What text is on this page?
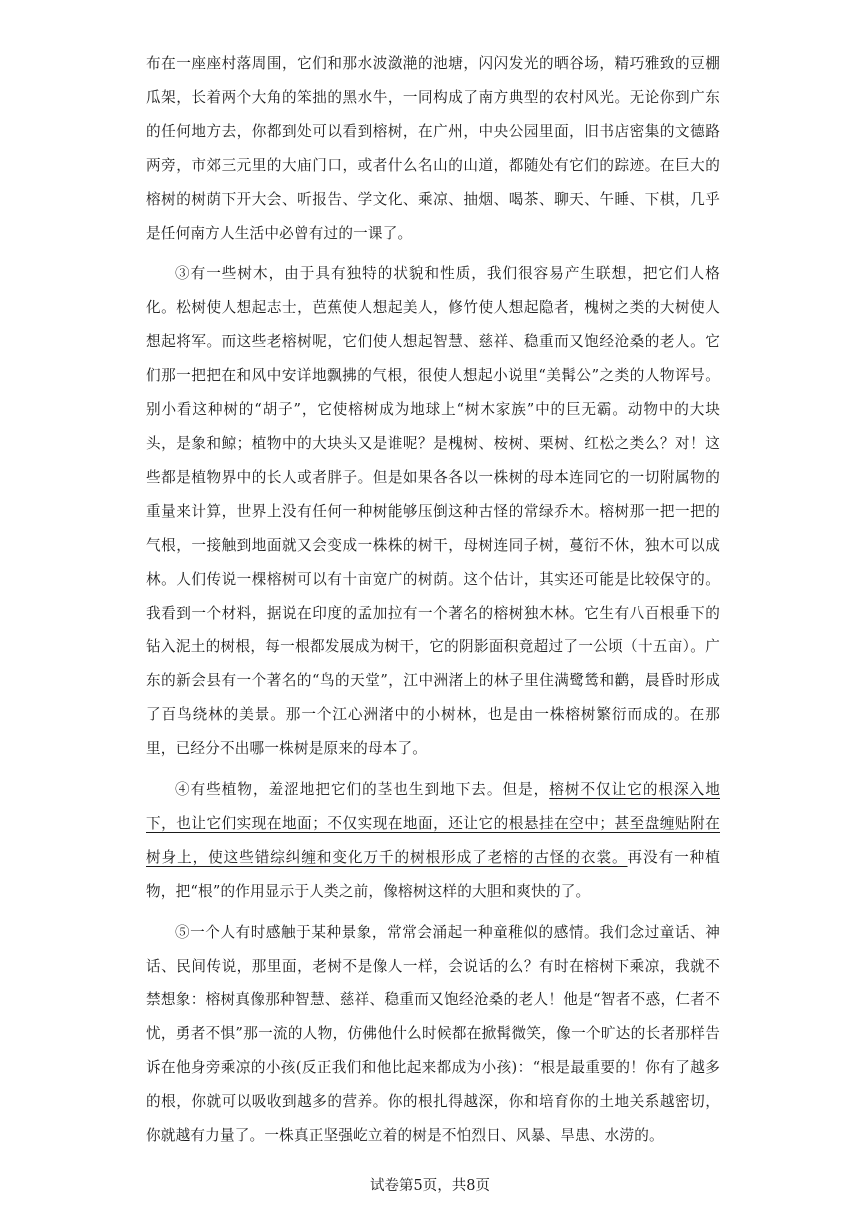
布在一座座村落周围，它们和那水波潋滟的池塘，闪闪发光的晒谷场，精巧雅致的豆棚瓜架，长着两个大角的笨拙的黑水牛，一同构成了南方典型的农村风光。无论你到广东的任何地方去，你都到处可以看到榕树，在广州，中央公园里面，旧书店密集的文德路两旁，市郊三元里的大庙门口，或者什么名山的山道，都随处有它们的踪迹。在巨大的榕树的树荫下开大会、听报告、学文化、乘凉、抽烟、喝茶、聊天、午睡、下棋，几乎是任何南方人生活中必曾有过的一课了。

③有一些树木，由于具有独特的状貌和性质，我们很容易产生联想，把它们人格化。松树使人想起志士，芭蕉使人想起美人，修竹使人想起隐者，槐树之类的大树使人想起将军。而这些老榕树呢，它们使人想起智慧、慈祥、稳重而又饱经沧桑的老人。它们那一把把在和风中安详地飘拂的气根，很使人想起小说里“美髯公”之类的人物诨号。别小看这种树的“胡子”，它使榕树成为地球上“树木家族”中的巨无霸。动物中的大块头，是象和鲸；植物中的大块头又是谁呢？是槐树、桉树、栗树、红松之类么？对！这些都是植物界中的长人或者胖子。但是如果各各以一株树的母本连同它的一切附属物的重量来计算，世界上没有任何一种树能够压倒这种古怪的常绿乔木。榕树那一把一把的气根，一接触到地面就又会变成一株株的树干，母树连同子树，蔓衍不休，独木可以成林。人们传说一棵榕树可以有十亩宽广的树荫。这个估计，其实还可能是比较保守的。我看到一个材料，据说在印度的孟加拉有一个著名的榕树独木林。它生有八百根垂下的钻入泥土的树根，每一根都发展成为树干，它的阴影面积竟超过了一公顷（十五亩）。广东的新会县有一个著名的“鸟的天堂”，江中洲渚上的林子里住满鹭鸶和鹳，晨昏时形成了百鸟绕林的美景。那一个江心洲渚中的小树林，也是由一株榕树繁衍而成的。在那里，已经分不出哪一株树是原来的母本了。

④有些植物，羞涩地把它们的茎也生到地下去。但是，榕树不仅让它的根深入地下，也让它们实现在地面；不仅实现在地面，还让它的根悬挂在空中；甚至盘缠贴附在树身上，使这些错综纠缠和变化万千的树根形成了老榕的古怪的衣裳。再没有一种植物，把“根”的作用显示于人类之前，像榕树这样的大胆和爽快的了。

⑤一个人有时感触于某种景象，常常会涌起一种童稚似的感情。我们念过童话、神话、民间传说，那里面，老树不是像人一样，会说话的么？有时在榕树下乘凉，我就不禁想象：榕树真像那种智慧、慈祥、稳重而又饱经沧桑的老人！他是“智者不惑，仁者不忧，勇者不惧”那一流的人物，仿佛他什么时候都在掀髯微笑，像一个旷达的长者那样告诉在他身旁乘凉的小孩(反正我们和他比起来都成为小孩)：“根是最重要的！你有了越多的根，你就可以吸收到越多的营养。你的根扎得越深，你和培育你的土地关系越密切，你就越有力量了。一株真正坚强屹立着的树是不怕烈日、风暴、旱患、水涝的。

试卷第5页，共8页
